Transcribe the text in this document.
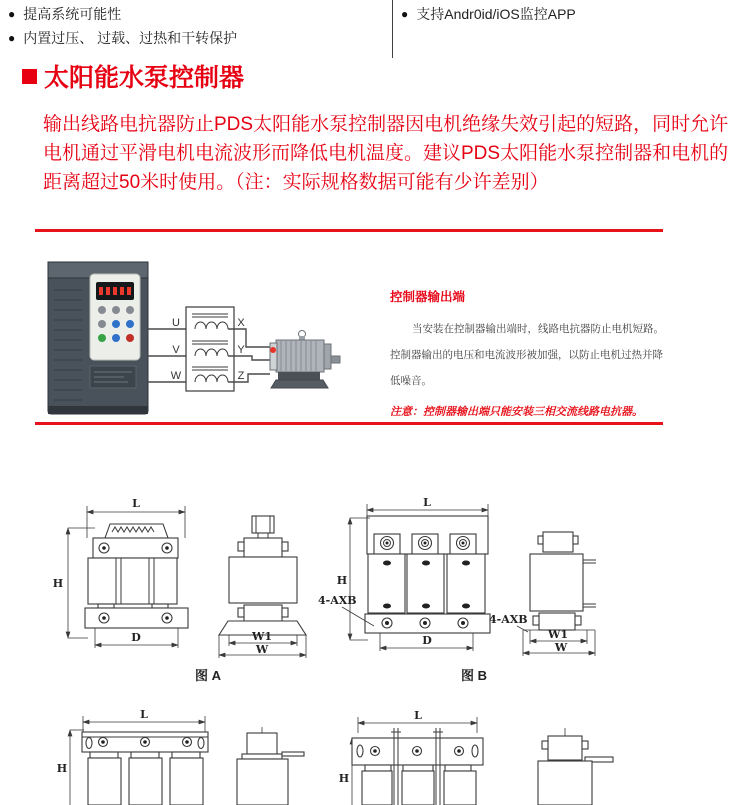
● 提高系统可能性
● 内置过压、 过载、过热和干转保护
● 支持Andr0id/iOS监控APP
太阳能水泵控制器
输出线路电抗器防止PDS太阳能水泵控制器因电机绝缘失效引起的短路，同时允许
电机通过平滑电机电流波形而降低电机温度。建议PDS太阳能水泵控制器和电机的
距离超过50米时使用。（注：实际规格数据可能有少许差别）
U
V
W
X
Y
Z
控制器输出端
当安装在控制器输出端时，线路电抗器防止电机短路。
控制器输出的电压和电流波形被加强，以防止电机过热并降
低噪音。
注意：控制器输出端只能安装三相交流线路电抗器。
L
H
D	W1
W
图 A
L
H
D
4-AXB
W1
W
4-AXB
图 B
L
H
L
H
